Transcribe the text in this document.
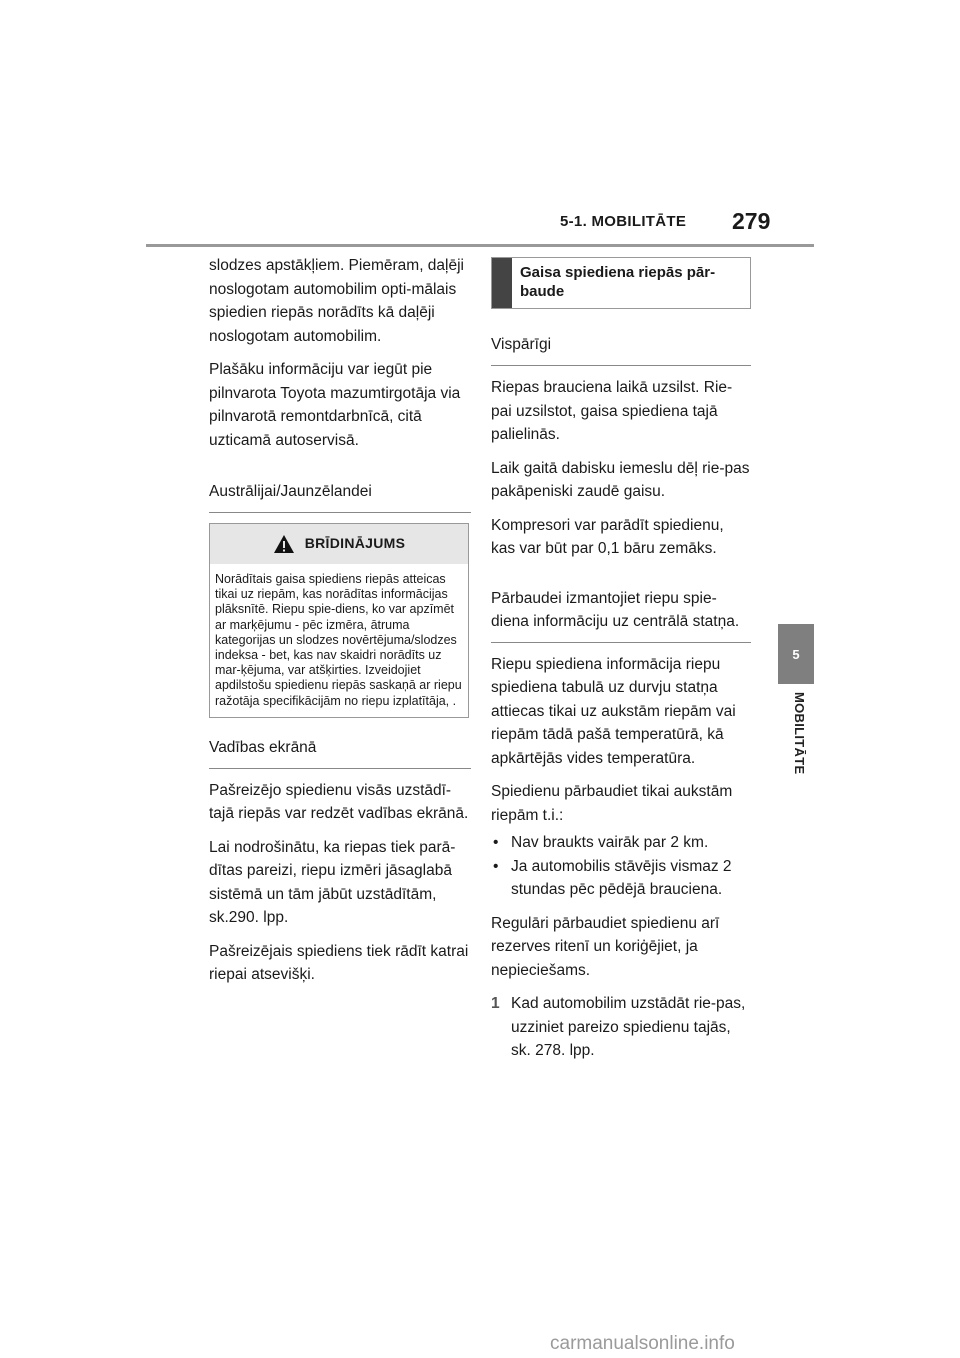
5-1. MOBILITĀTE 279
5
MOBILITĀTE

slodzes apstākļiem. Piemēram, daļēji noslogotam automobilim opti-mālais spiedien riepās norādīts kā daļēji noslogotam automobilim.

Plašāku informāciju var iegūt pie pilnvarota Toyota mazumtirgotāja via pilnvarotā remontdarbnīcā, citā uzticamā autoservisā.

Austrālijai/Jaunzēlandei
BRĪDINĀJUMS
Norādītais gaisa spiediens riepās atteicas tikai uz riepām, kas norādītas informācijas plāksnītē. Riepu spie-diens, ko var apzīmēt ar marķējumu - pēc izmēra, ātruma kategorijas un slodzes novērtējuma/slodzes indeksa - bet, kas nav skaidri norādīts uz mar-ķējuma, var atšķirties. Izveidojiet apdilstošu spiedienu riepās saskaņā ar riepu ražotāja specifikācijām no riepu izplatītāja, .
Vadības ekrānā

Pašreizējo spiedienu visās uzstādī-tajā riepās var redzēt vadības ekrānā.

Lai nodrošinātu, ka riepas tiek parā-dītas pareizi, riepu izmēri jāsaglabā sistēmā un tām jābūt uzstādītām, sk.290. lpp.

Pašreizējais spiediens tiek rādīt katrai riepai atsevišķi.

Gaisa spiediena riepās pār-baude
Vispārīgi

Riepas brauciena laikā uzsilst. Rie-pai uzsilstot, gaisa spiediena tajā palielinās.

Laik gaitā dabisku iemeslu dēļ rie-pas pakāpeniski zaudē gaisu.

Kompresori var parādīt spiedienu, kas var būt par 0,1 bāru zemāks.

Pārbaudei izmantojiet riepu spie-diena informāciju uz centrālā statņa.

Riepu spiediena informācija riepu spiediena tabulā uz durvju statņa attiecas tikai uz aukstām riepām vai riepām tādā pašā temperatūrā, kā apkārtējās vides temperatūra.

Spiedienu pārbaudiet tikai aukstām riepām t.i.:

• Nav braukts vairāk par 2 km.
• Ja automobilis stāvējis vismaz 2 stundas pēc pēdējā brauciena.

Regulāri pārbaudiet spiedienu arī rezerves ritenī un koriģējiet, ja nepieciešams.

1 Kad automobilim uzstādāt rie-pas, uzziniet pareizo spiedienu tajās, sk. 278. lpp.
carmanualsonline.info
